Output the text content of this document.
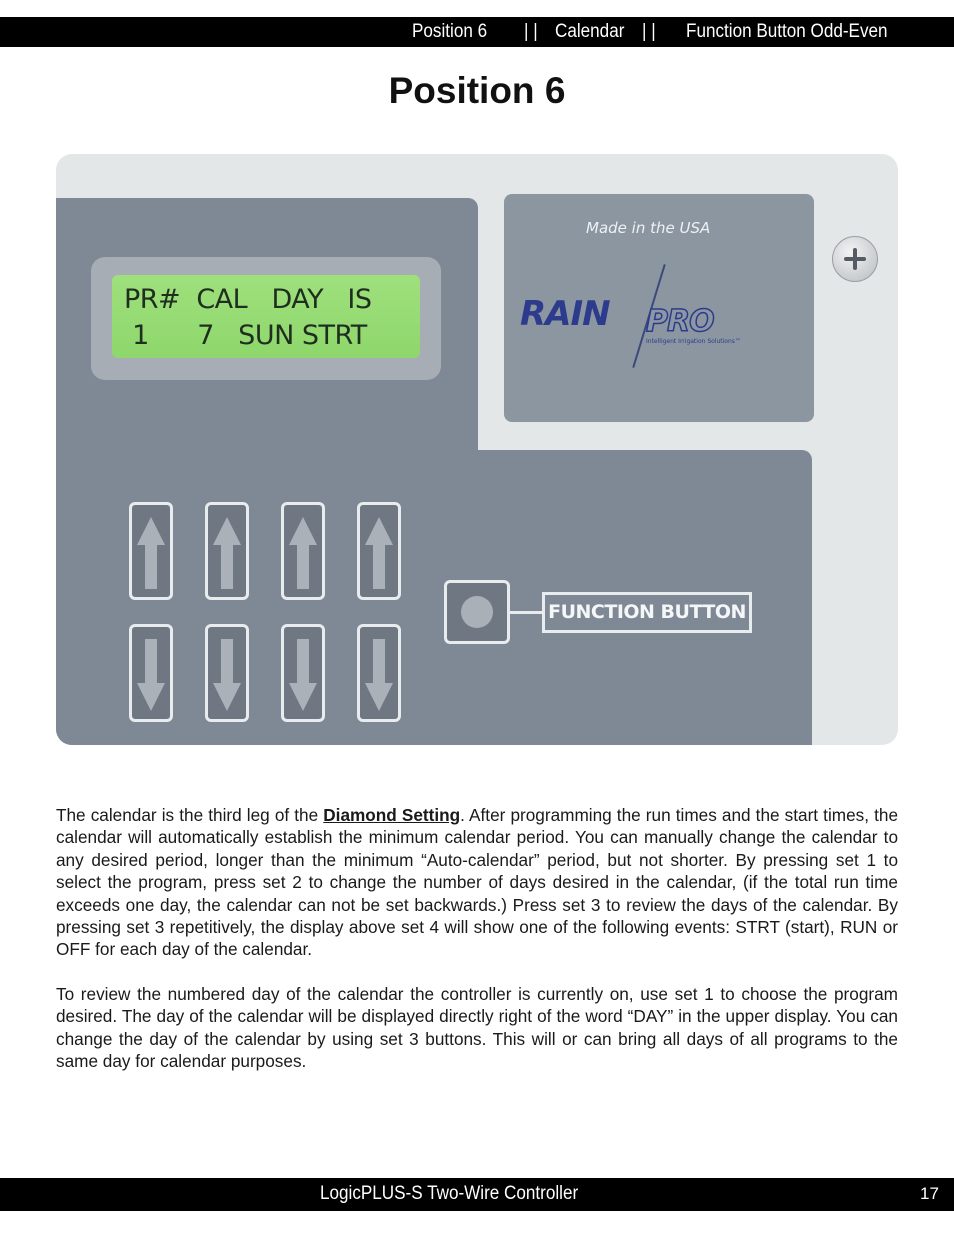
Position 6 | | Calendar | | Function Button Odd-Even
Position 6
PR#  CAL   DAY   IS
1      7   SUN STRT
Made in the USA
RAIN PRO
Intelligent Irrigation Solutions™
FUNCTION BUTTON

The calendar is the third leg of the Diamond Setting. After programming the run times and the start times, the calendar will automatically establish the minimum calendar period. You can manually change the calendar to any desired period, longer than the minimum “Auto-calendar” period, but not shorter. By pressing set 1 to select the program, press set 2 to change the number of days desired in the calendar, (if the total run time exceeds one day, the calendar can not be set backwards.) Press set 3 to review the days of the calendar. By pressing set 3 repetitively, the display above set 4 will show one of the following events: STRT (start), RUN or OFF for each day of the calendar.

To review the numbered day of the calendar the controller is currently on, use set 1 to choose the program desired. The day of the calendar will be displayed directly right of the word “DAY” in the upper display. You can change the day of the calendar by using set 3 buttons. This will or can bring all days of all programs to the same day for calendar purposes.

LogicPLUS-S Two-Wire Controller	17
